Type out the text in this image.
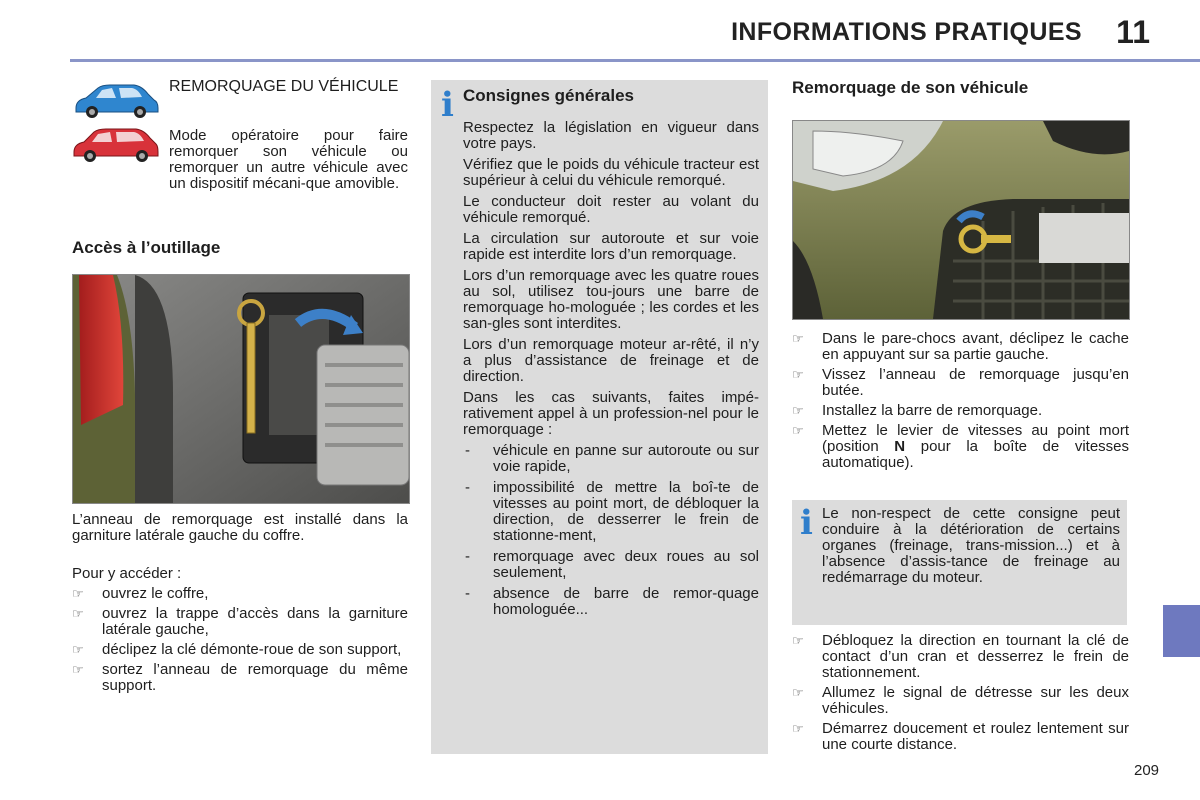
INFORMATIONS PRATIQUES 11
REMORQUAGE DU VÉHICULE
Mode opératoire pour faire remorquer son véhicule ou remorquer un autre véhicule avec un dispositif mécani-que amovible.
Accès à l’outillage
L’anneau de remorquage est installé dans la garniture latérale gauche du coffre.
Pour y accéder :
☞ ouvrez le coffre,
☞ ouvrez la trappe d’accès dans la garniture latérale gauche,
☞ déclipez la clé démonte-roue de son support,
☞ sortez l’anneau de remorquage du même support.
i Consignes générales

Respectez la législation en vigueur dans votre pays.

Vérifiez que le poids du véhicule tracteur est supérieur à celui du véhicule remorqué.

Le conducteur doit rester au volant du véhicule remorqué.

La circulation sur autoroute et sur voie rapide est interdite lors d’un remorquage.

Lors d’un remorquage avec les quatre roues au sol, utilisez tou-jours une barre de remorquage ho-mologuée ; les cordes et les san-gles sont interdites.

Lors d’un remorquage moteur ar-rêté, il n’y a plus d’assistance de freinage et de direction.

Dans les cas suivants, faites impé-rativement appel à un profession-nel pour le remorquage :

- véhicule en panne sur autoroute ou sur voie rapide,
- impossibilité de mettre la boî-te de vitesses au point mort, de débloquer la direction, de desserrer le frein de stationne-ment,
- remorquage avec deux roues au sol seulement,
- absence de barre de remor-quage homologuée...
Remorquage de son véhicule
☞ Dans le pare-chocs avant, déclipez le cache en appuyant sur sa partie gauche.
☞ Vissez l’anneau de remorquage jusqu’en butée.
☞ Installez la barre de remorquage.
☞ Mettez le levier de vitesses au point mort (position N pour la boîte de vitesses automatique).
i Le non-respect de cette consigne peut conduire à la détérioration de certains organes (freinage, trans-mission...) et à l’absence d’assis-tance de freinage au redémarrage du moteur.
☞ Débloquez la direction en tournant la clé de contact d’un cran et desserrez le frein de stationnement.
☞ Allumez le signal de détresse sur les deux véhicules.
☞ Démarrez doucement et roulez lentement sur une courte distance.
209
